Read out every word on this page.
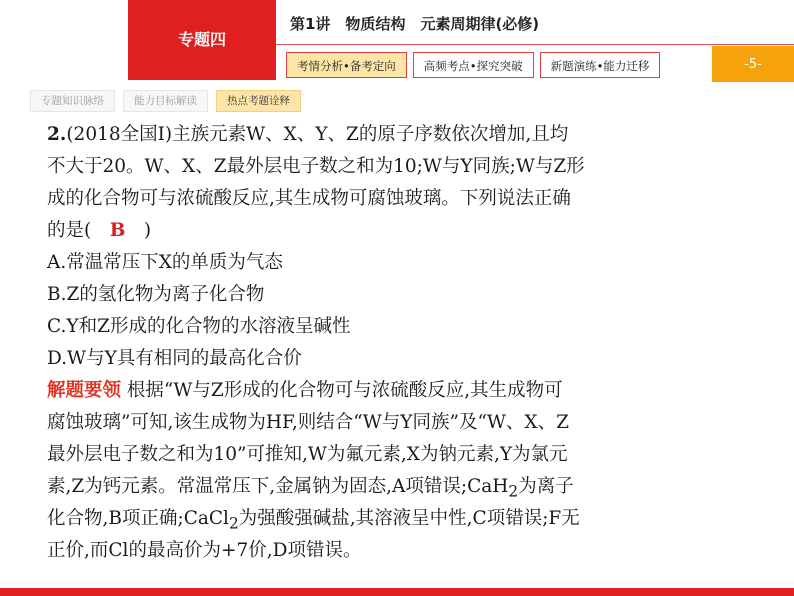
专题四
第1讲　物质结构　元素周期律(必修)
考情分析•备考定向	高频考点•探究突破	新题演练•能力迁移	-5-
专题知识脉络	能力目标解读	热点考题诠释
2.(2018全国Ⅰ)主族元素W、X、Y、Z的原子序数依次增加,且均
不大于20。W、X、Z最外层电子数之和为10;W与Y同族;W与Z形
成的化合物可与浓硫酸反应,其生成物可腐蚀玻璃。下列说法正确
的是(　B　)
A.常温常压下X的单质为气态
B.Z的氢化物为离子化合物
C.Y和Z形成的化合物的水溶液呈碱性
D.W与Y具有相同的最高化合价
解题要领 根据“W与Z形成的化合物可与浓硫酸反应,其生成物可
腐蚀玻璃”可知,该生成物为HF,则结合“W与Y同族”及“W、X、Z
最外层电子数之和为10”可推知,W为氟元素,X为钠元素,Y为氯元
素,Z为钙元素。常温常压下,金属钠为固态,A项错误;CaH$_2$为离子
化合物,B项正确;CaCl$_2$为强酸强碱盐,其溶液呈中性,C项错误;F无
正价,而Cl的最高价为+7价,D项错误。
